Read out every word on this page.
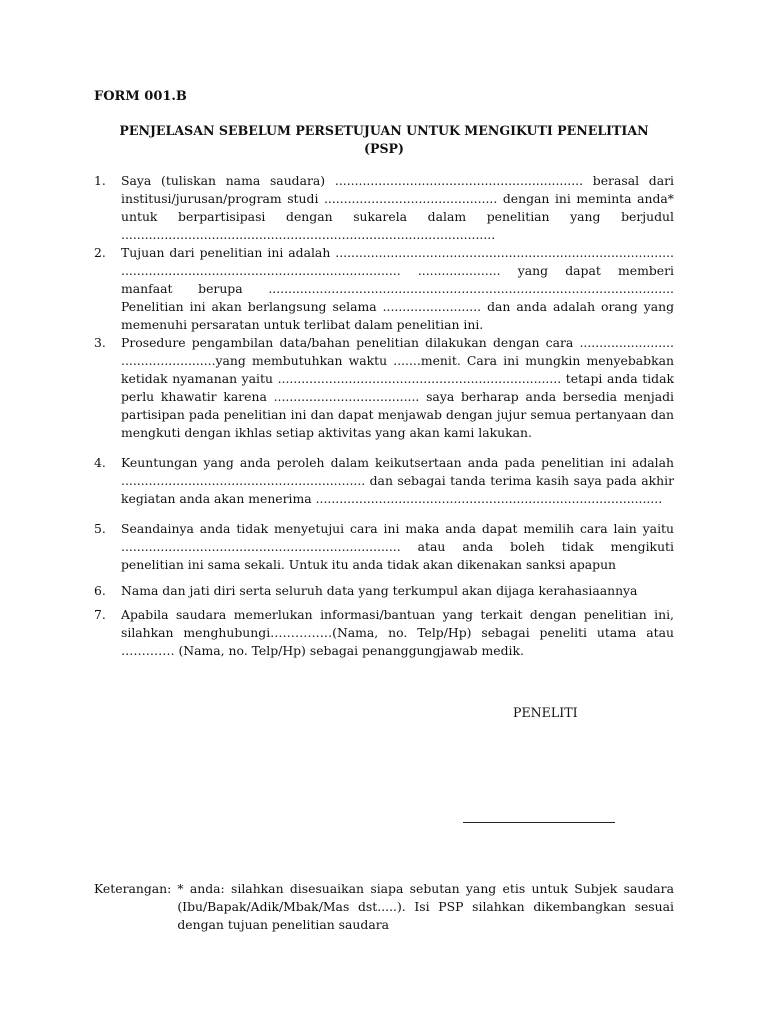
FORM 001.B
PENJELASAN SEBELUM PERSETUJUAN UNTUK MENGIKUTI PENELITIAN
(PSP)
1.	Saya (tuliskan nama saudara) ............................................................... berasal dari institusi/jurusan/program studi ............................................ dengan ini meminta anda* untuk berpartisipasi dengan sukarela dalam penelitian yang berjudul ...............................................................................................
2.	Tujuan dari penelitian ini adalah ...................................................................................... ....................................................................... ..................... yang dapat memberi manfaat berupa ....................................................................................................... Penelitian ini akan berlangsung selama ......................... dan anda adalah orang yang memenuhi persaratan untuk terlibat dalam penelitian ini.
3.	Prosedure pengambilan data/bahan penelitian dilakukan dengan cara ........................ ........................yang membutuhkan waktu .......menit. Cara ini mungkin menyebabkan ketidak nyamanan yaitu ........................................................................ tetapi anda tidak perlu khawatir karena ..................................... saya berharap anda bersedia menjadi partisipan pada penelitian ini dan dapat menjawab dengan jujur semua pertanyaan dan mengkuti dengan ikhlas setiap aktivitas yang akan kami lakukan.
4.	Keuntungan yang anda peroleh dalam keikutsertaan anda pada penelitian ini adalah .............................................................. dan sebagai tanda terima kasih saya pada akhir kegiatan anda akan menerima ........................................................................................
5.	Seandainya anda tidak menyetujui cara ini maka anda dapat memilih cara lain yaitu ....................................................................... atau anda boleh tidak mengikuti penelitian ini sama sekali. Untuk itu anda tidak akan dikenakan sanksi apapun
6.	Nama dan jati diri serta seluruh data yang terkumpul akan dijaga kerahasiaannya
7.	Apabila saudara memerlukan informasi/bantuan yang terkait dengan penelitian ini, silahkan menghubungi……………(Nama, no. Telp/Hp) sebagai peneliti utama atau …………. (Nama, no. Telp/Hp) sebagai penanggungjawab medik.
PENELITI
Keterangan: * anda: silahkan disesuaikan siapa sebutan yang etis untuk Subjek saudara (Ibu/Bapak/Adik/Mbak/Mas dst.....). Isi PSP silahkan dikembangkan sesuai dengan tujuan penelitian saudara
